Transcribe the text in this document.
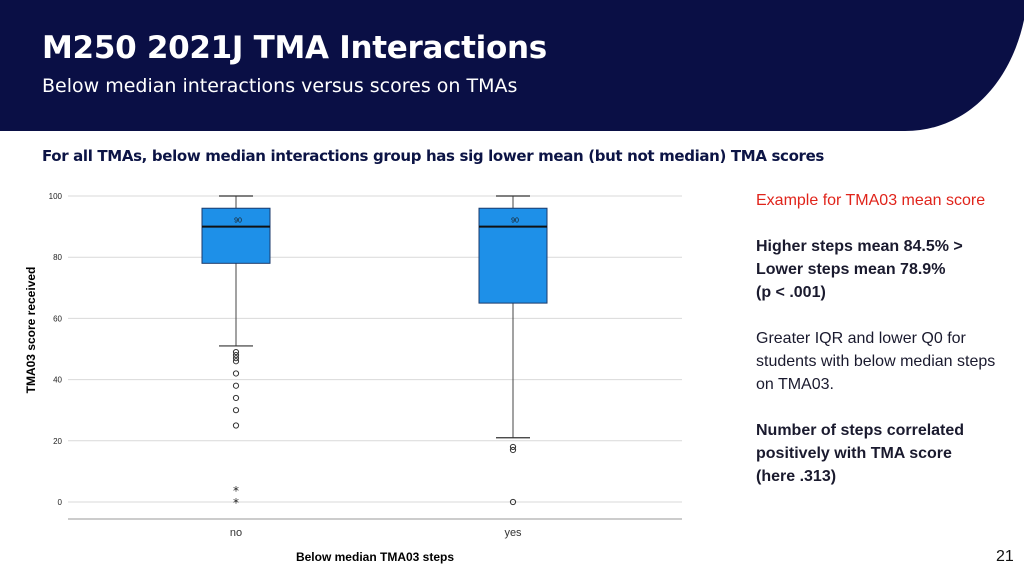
M250 2021J TMA Interactions
Below median interactions versus scores on TMAs
For all TMAs, below median interactions group has sig lower mean (but not median) TMA scores
0
20
40
60
80
100
90
*
*
no
90
yes
TMA03 score received
Below median TMA03 steps

Example for TMA03 mean score

Higher steps mean 84.5% >
Lower steps mean 78.9%
(p < .001)

Greater IQR and lower Q0 for students with below median steps on TMA03.

Number of steps correlated
positively with TMA score
(here .313)

21
